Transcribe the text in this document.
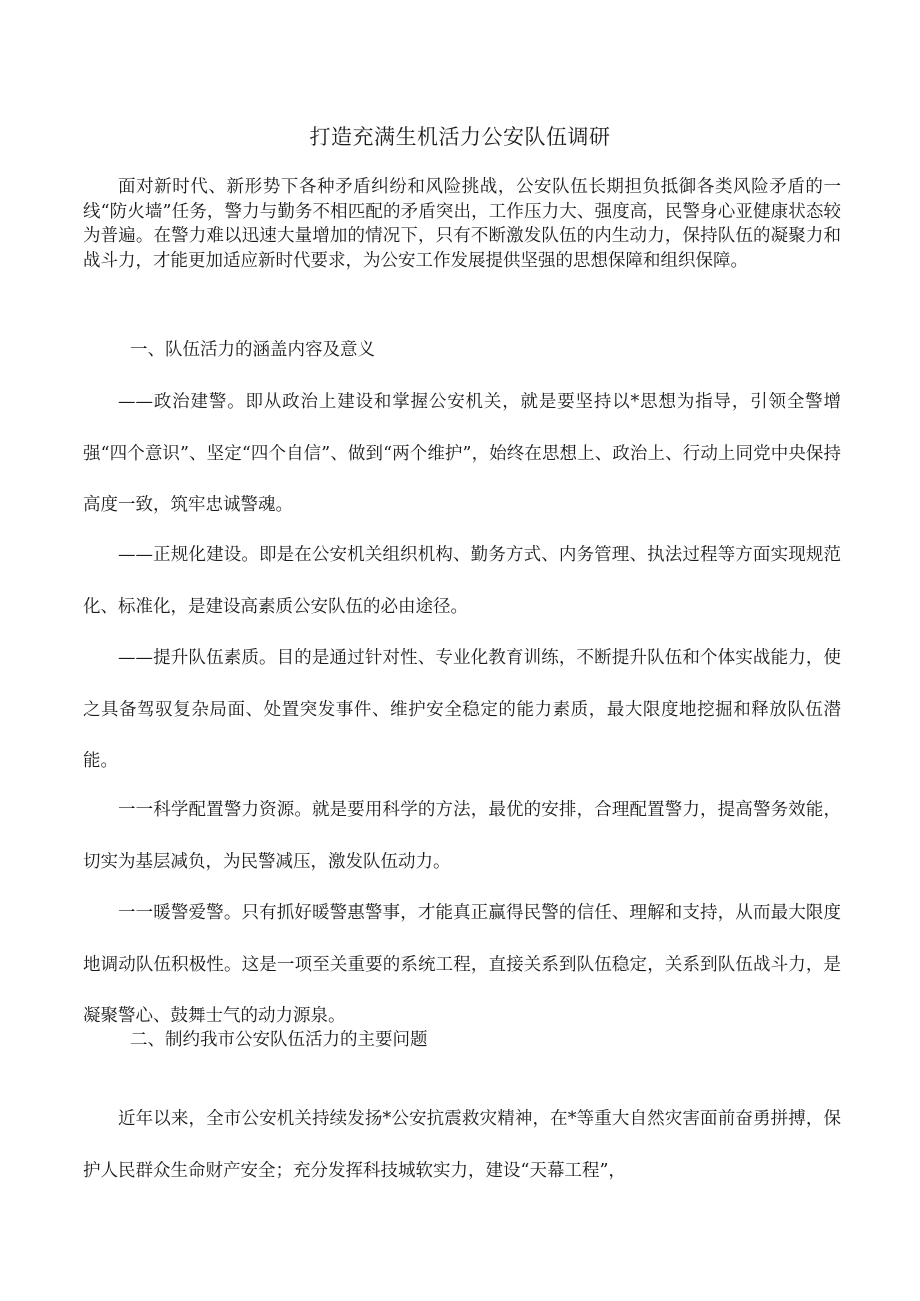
打造充满生机活力公安队伍调研

面对新时代、新形势下各种矛盾纠纷和风险挑战，公安队伍长期担负抵御各类风险矛盾的一线“防火墙”任务，警力与勤务不相匹配的矛盾突出，工作压力大、强度高，民警身心亚健康状态较为普遍。在警力难以迅速大量增加的情况下，只有不断激发队伍的内生动力，保持队伍的凝聚力和战斗力，才能更加适应新时代要求，为公安工作发展提供坚强的思想保障和组织保障。

一、队伍活力的涵盖内容及意义

——政治建警。即从政治上建设和掌握公安机关，就是要坚持以*思想为指导，引领全警增强“四个意识”、坚定“四个自信”、做到“两个维护”，始终在思想上、政治上、行动上同党中央保持高度一致，筑牢忠诚警魂。

——正规化建设。即是在公安机关组织机构、勤务方式、内务管理、执法过程等方面实现规范化、标准化，是建设高素质公安队伍的必由途径。

——提升队伍素质。目的是通过针对性、专业化教育训练，不断提升队伍和个体实战能力，使之具备驾驭复杂局面、处置突发事件、维护安全稳定的能力素质，最大限度地挖掘和释放队伍潜能。

一一科学配置警力资源。就是要用科学的方法，最优的安排，合理配置警力，提高警务效能，切实为基层减负，为民警减压，激发队伍动力。

一一暖警爱警。只有抓好暖警惠警事，才能真正赢得民警的信任、理解和支持，从而最大限度地调动队伍积极性。这是一项至关重要的系统工程，直接关系到队伍稳定，关系到队伍战斗力，是凝聚警心、鼓舞士气的动力源泉。

二、制约我市公安队伍活力的主要问题

近年以来，全市公安机关持续发扬*公安抗震救灾精神，在*等重大自然灾害面前奋勇拼搏，保护人民群众生命财产安全；充分发挥科技城软实力，建设“天幕工程”，
